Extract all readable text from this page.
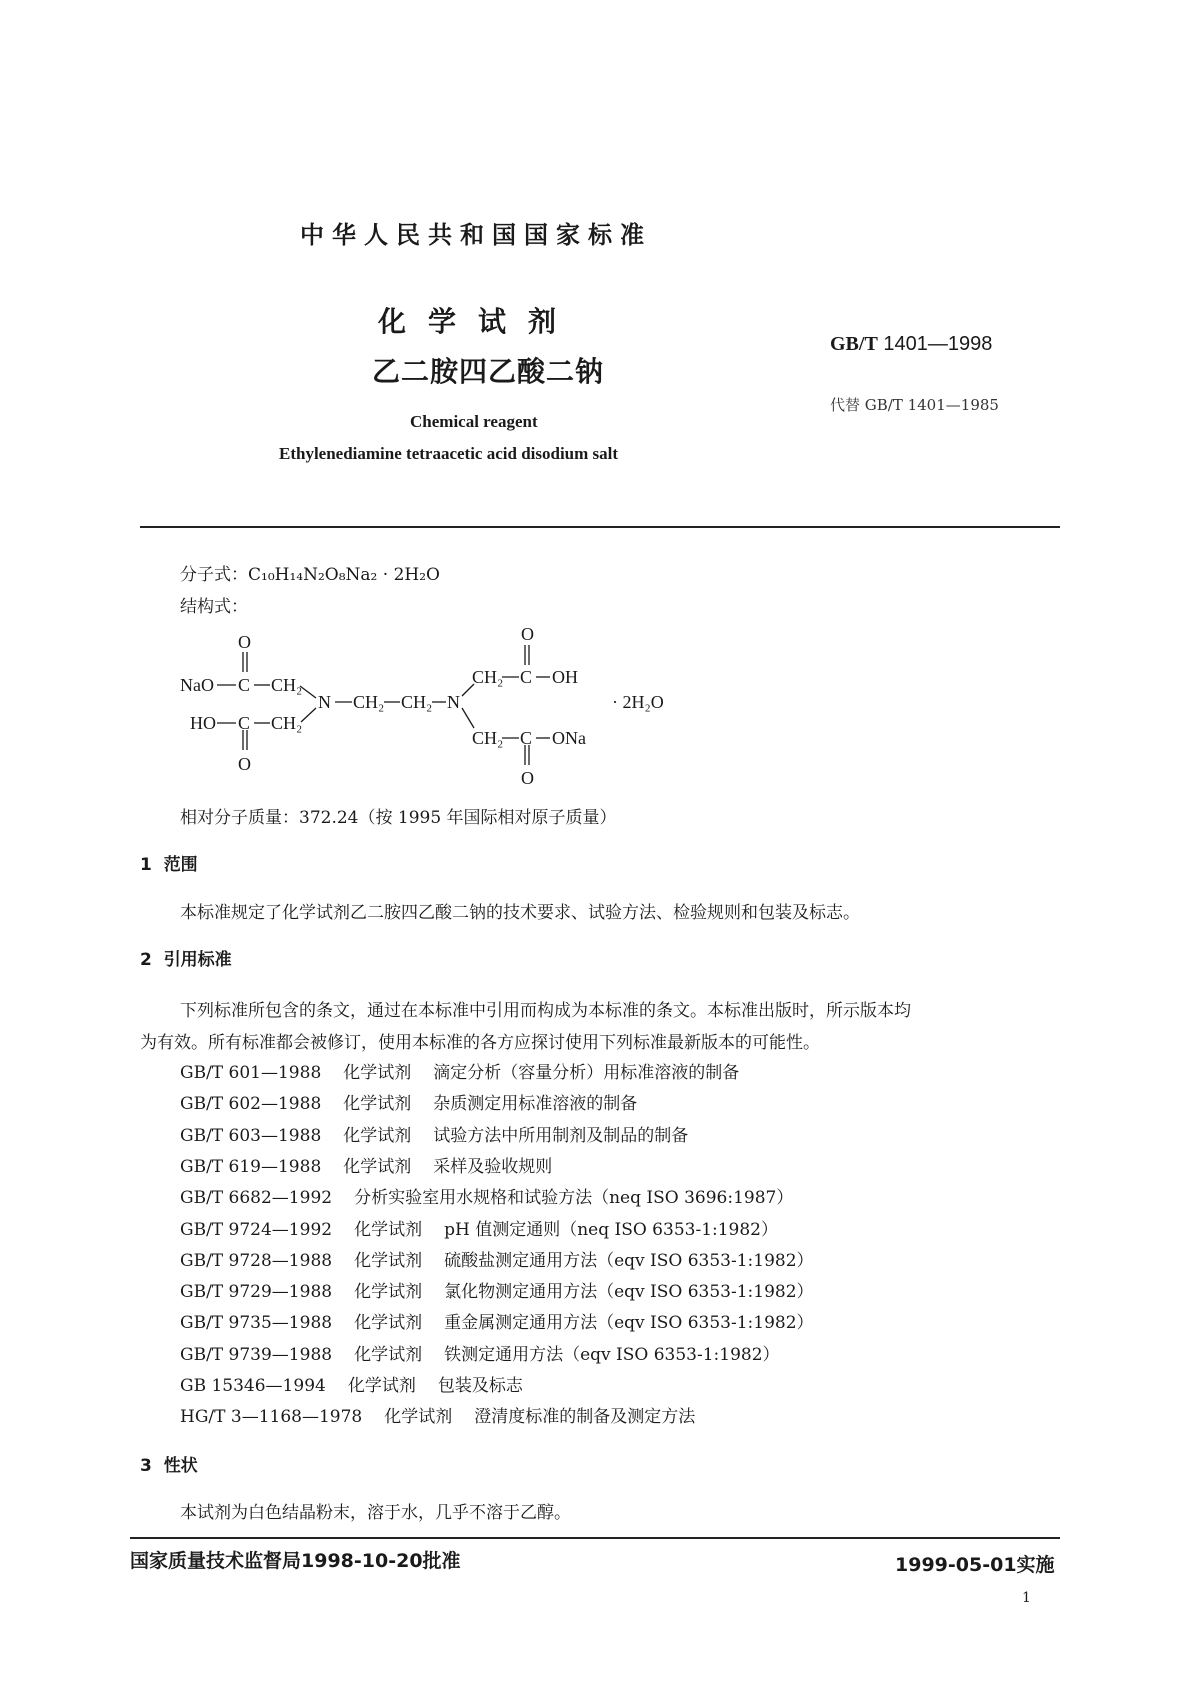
中华人民共和国国家标准
化学试剂
乙二胺四乙酸二钠
GB/T 1401—1998
代替 GB/T 1401—1985
Chemical reagent
Ethylenediamine tetraacetic acid disodium salt
分子式：C₁₀H₁₄N₂O₈Na₂ · 2H₂O
结构式：
O
NaO C CH₂
HO C CH₂
O
N CH₂ CH₂ N
O
CH₂ C OH
CH₂ C ONa
O
· 2H₂O
相对分子质量：372.24（按 1995 年国际相对原子质量）
1 范围
本标准规定了化学试剂乙二胺四乙酸二钠的技术要求、试验方法、检验规则和包装及标志。
2 引用标准
下列标准所包含的条文，通过在本标准中引用而构成为本标准的条文。本标准出版时，所示版本均
为有效。所有标准都会被修订，使用本标准的各方应探讨使用下列标准最新版本的可能性。
GB/T 601—1988 化学试剂 滴定分析（容量分析）用标准溶液的制备
GB/T 602—1988 化学试剂 杂质测定用标准溶液的制备
GB/T 603—1988 化学试剂 试验方法中所用制剂及制品的制备
GB/T 619—1988 化学试剂 采样及验收规则
GB/T 6682—1992 分析实验室用水规格和试验方法（neq ISO 3696:1987）
GB/T 9724—1992 化学试剂 pH 值测定通则（neq ISO 6353-1:1982）
GB/T 9728—1988 化学试剂 硫酸盐测定通用方法（eqv ISO 6353-1:1982）
GB/T 9729—1988 化学试剂 氯化物测定通用方法（eqv ISO 6353-1:1982）
GB/T 9735—1988 化学试剂 重金属测定通用方法（eqv ISO 6353-1:1982）
GB/T 9739—1988 化学试剂 铁测定通用方法（eqv ISO 6353-1:1982）
GB 15346—1994 化学试剂 包装及标志
HG/T 3—1168—1978 化学试剂 澄清度标准的制备及测定方法
3 性状
本试剂为白色结晶粉末，溶于水，几乎不溶于乙醇。
国家质量技术监督局1998-10-20批准	1999-05-01实施
1
